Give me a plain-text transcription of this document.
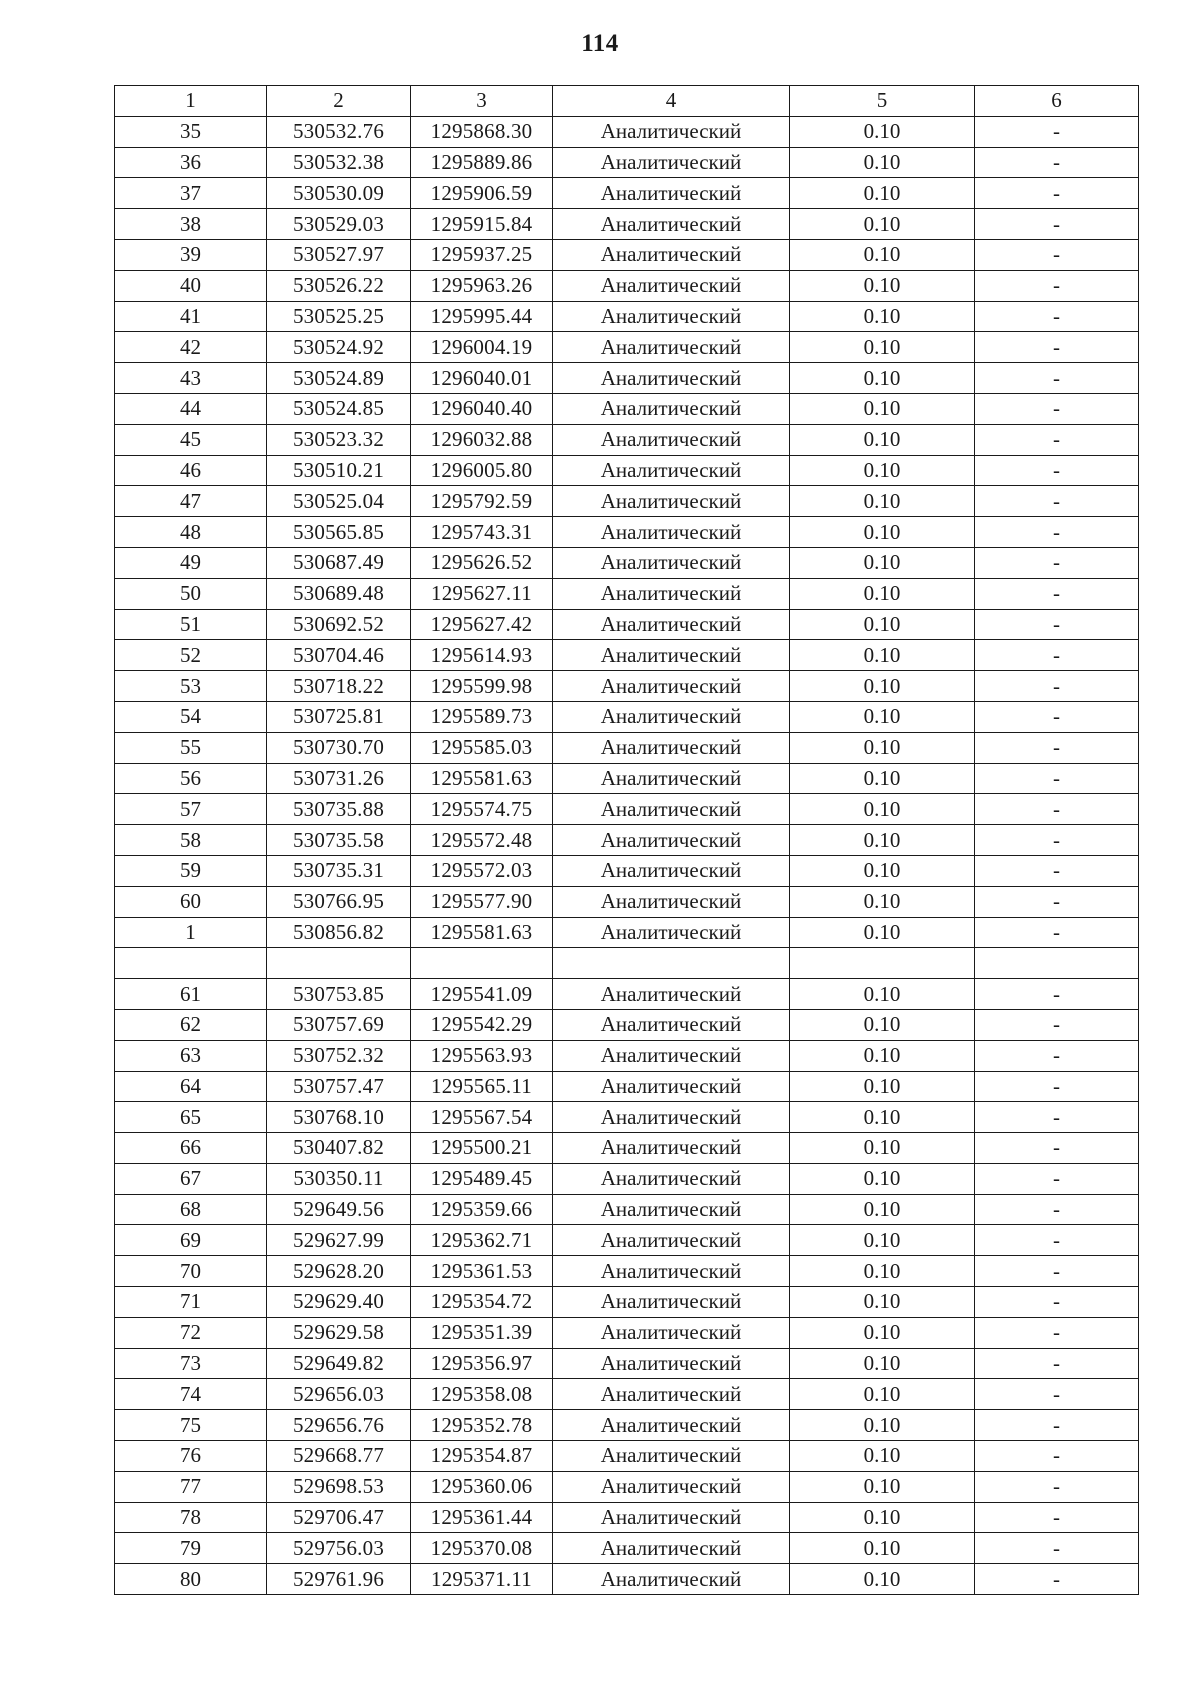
114
1	2	3	4	5	6
35	530532.76	1295868.30	Аналитический	0.10	-
36	530532.38	1295889.86	Аналитический	0.10	-
37	530530.09	1295906.59	Аналитический	0.10	-
38	530529.03	1295915.84	Аналитический	0.10	-
39	530527.97	1295937.25	Аналитический	0.10	-
40	530526.22	1295963.26	Аналитический	0.10	-
41	530525.25	1295995.44	Аналитический	0.10	-
42	530524.92	1296004.19	Аналитический	0.10	-
43	530524.89	1296040.01	Аналитический	0.10	-
44	530524.85	1296040.40	Аналитический	0.10	-
45	530523.32	1296032.88	Аналитический	0.10	-
46	530510.21	1296005.80	Аналитический	0.10	-
47	530525.04	1295792.59	Аналитический	0.10	-
48	530565.85	1295743.31	Аналитический	0.10	-
49	530687.49	1295626.52	Аналитический	0.10	-
50	530689.48	1295627.11	Аналитический	0.10	-
51	530692.52	1295627.42	Аналитический	0.10	-
52	530704.46	1295614.93	Аналитический	0.10	-
53	530718.22	1295599.98	Аналитический	0.10	-
54	530725.81	1295589.73	Аналитический	0.10	-
55	530730.70	1295585.03	Аналитический	0.10	-
56	530731.26	1295581.63	Аналитический	0.10	-
57	530735.88	1295574.75	Аналитический	0.10	-
58	530735.58	1295572.48	Аналитический	0.10	-
59	530735.31	1295572.03	Аналитический	0.10	-
60	530766.95	1295577.90	Аналитический	0.10	-
1	530856.82	1295581.63	Аналитический	0.10	-

61	530753.85	1295541.09	Аналитический	0.10	-
62	530757.69	1295542.29	Аналитический	0.10	-
63	530752.32	1295563.93	Аналитический	0.10	-
64	530757.47	1295565.11	Аналитический	0.10	-
65	530768.10	1295567.54	Аналитический	0.10	-
66	530407.82	1295500.21	Аналитический	0.10	-
67	530350.11	1295489.45	Аналитический	0.10	-
68	529649.56	1295359.66	Аналитический	0.10	-
69	529627.99	1295362.71	Аналитический	0.10	-
70	529628.20	1295361.53	Аналитический	0.10	-
71	529629.40	1295354.72	Аналитический	0.10	-
72	529629.58	1295351.39	Аналитический	0.10	-
73	529649.82	1295356.97	Аналитический	0.10	-
74	529656.03	1295358.08	Аналитический	0.10	-
75	529656.76	1295352.78	Аналитический	0.10	-
76	529668.77	1295354.87	Аналитический	0.10	-
77	529698.53	1295360.06	Аналитический	0.10	-
78	529706.47	1295361.44	Аналитический	0.10	-
79	529756.03	1295370.08	Аналитический	0.10	-
80	529761.96	1295371.11	Аналитический	0.10	-
